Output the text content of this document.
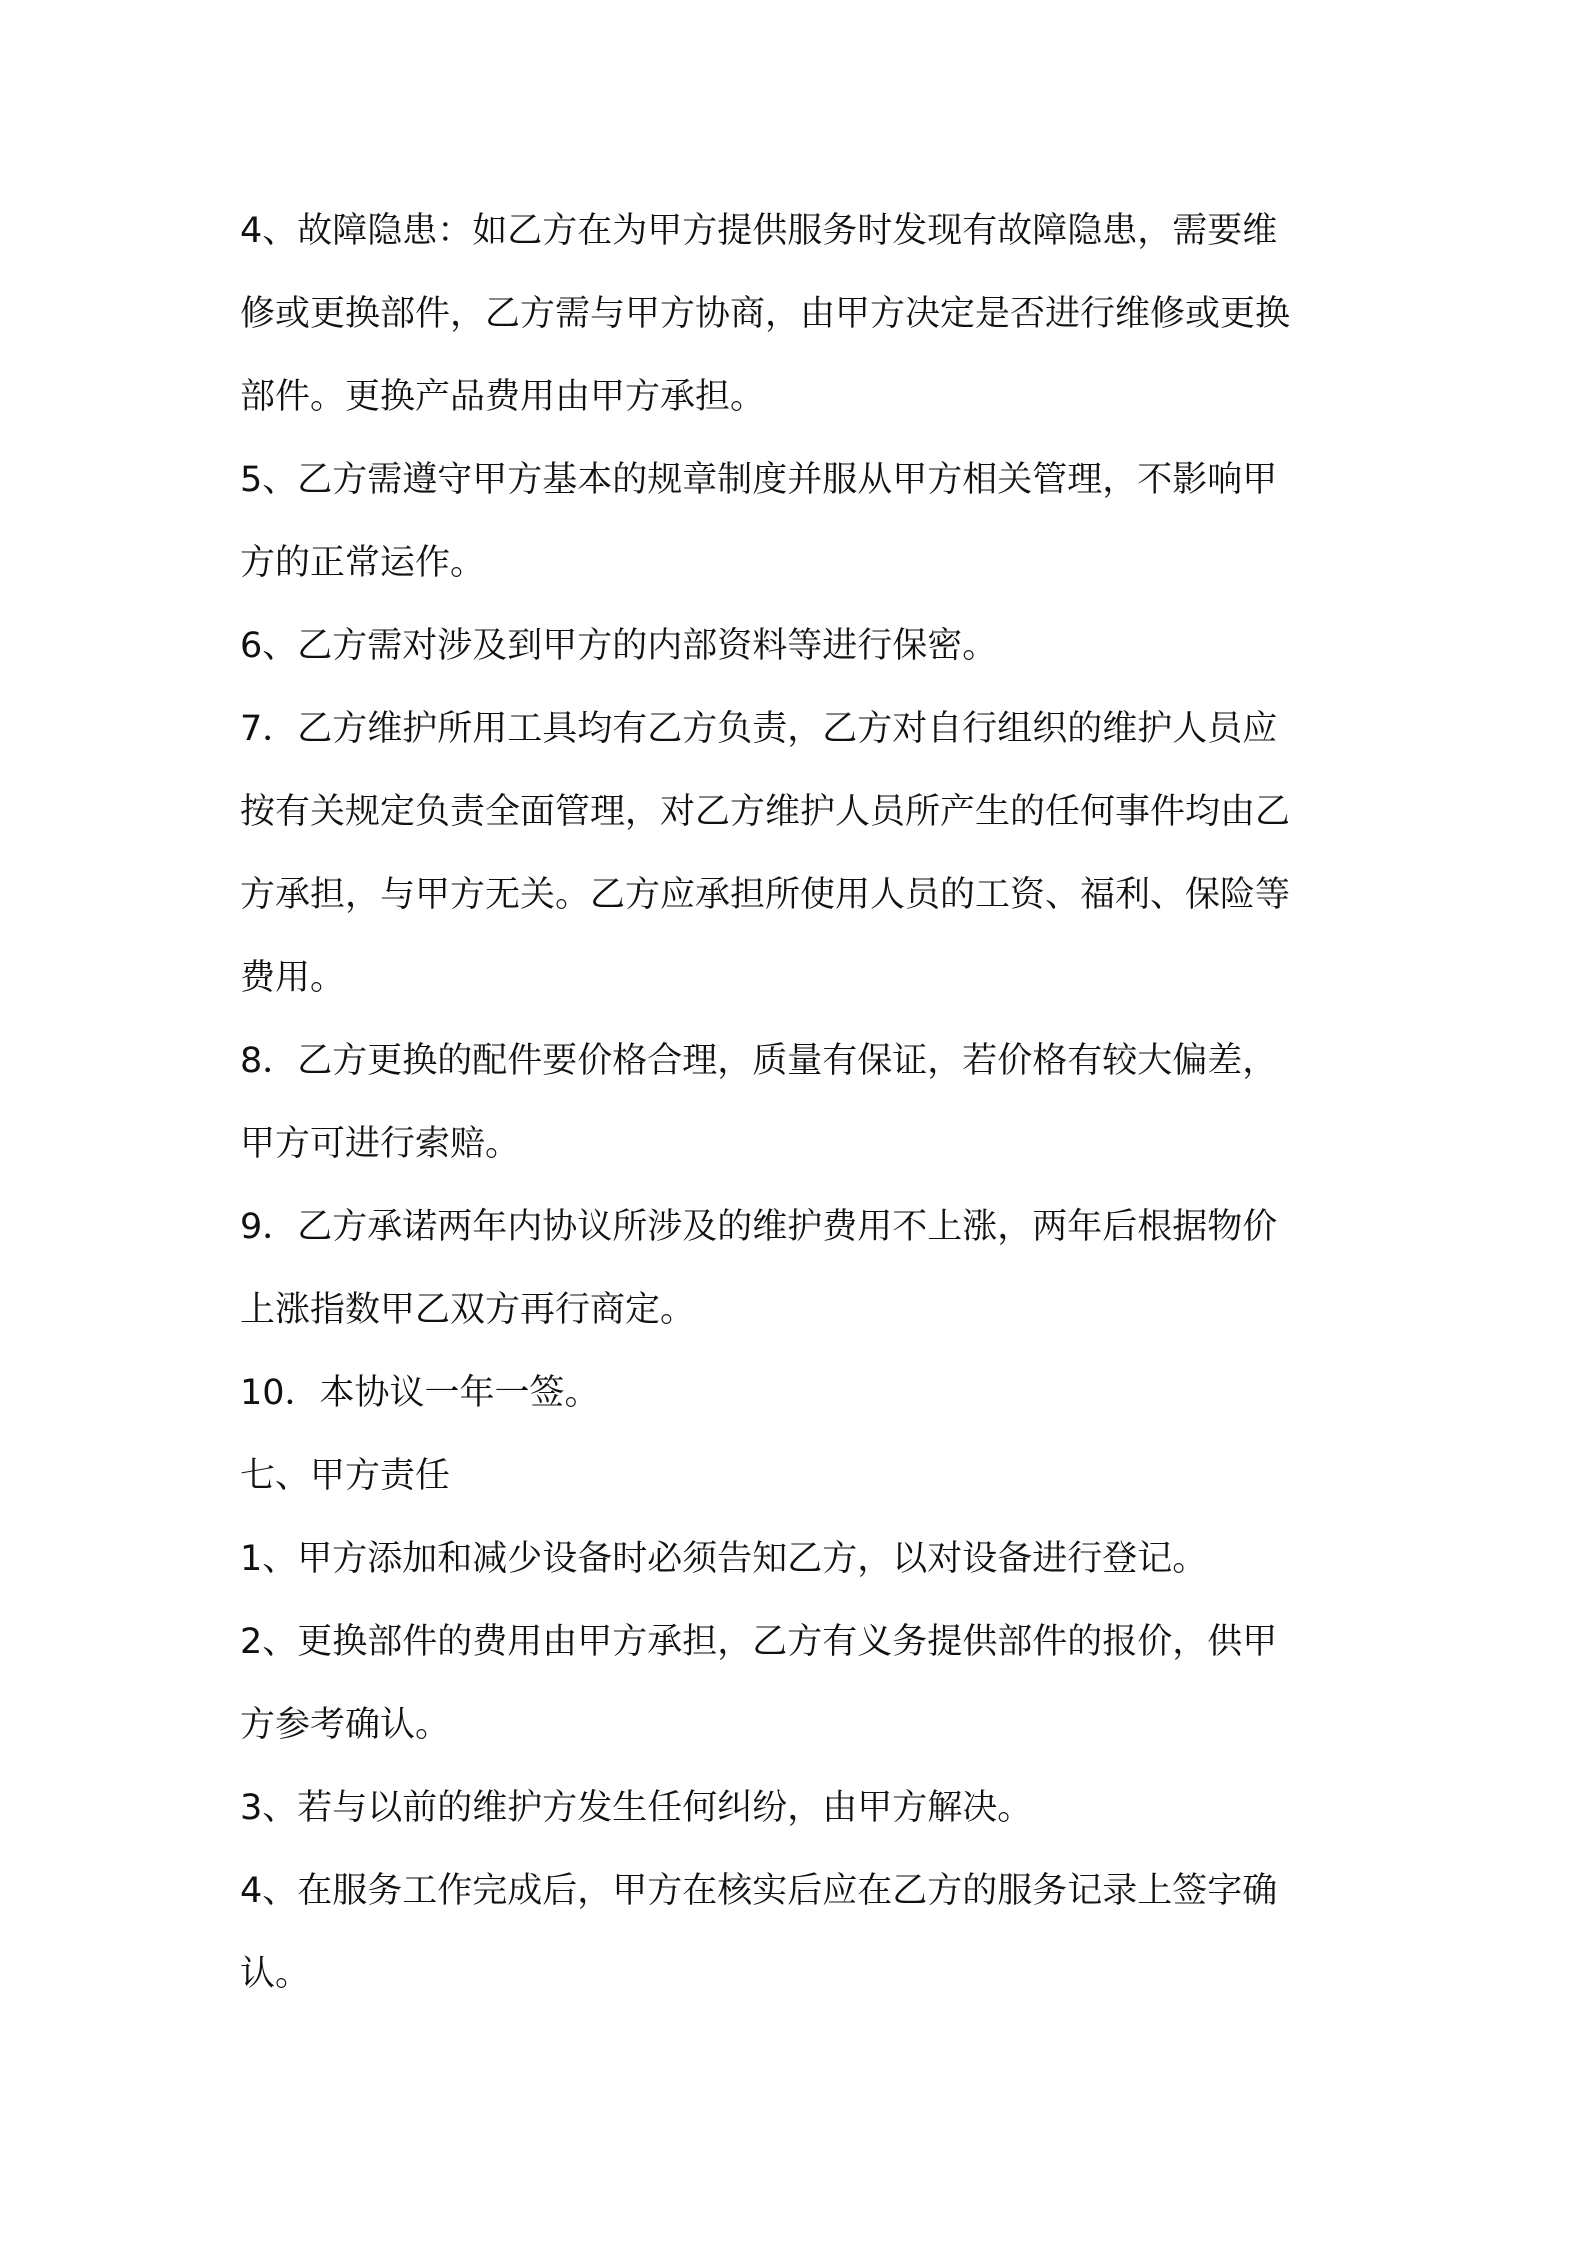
4、故障隐患：如乙方在为甲方提供服务时发现有故障隐患，需要维
修或更换部件，乙方需与甲方协商，由甲方决定是否进行维修或更换
部件。更换产品费用由甲方承担。
5、乙方需遵守甲方基本的规章制度并服从甲方相关管理，不影响甲
方的正常运作。
6、乙方需对涉及到甲方的内部资料等进行保密。
7．乙方维护所用工具均有乙方负责，乙方对自行组织的维护人员应
按有关规定负责全面管理，对乙方维护人员所产生的任何事件均由乙
方承担，与甲方无关。乙方应承担所使用人员的工资、福利、保险等
费用。
8．乙方更换的配件要价格合理，质量有保证，若价格有较大偏差，
甲方可进行索赔。
9．乙方承诺两年内协议所涉及的维护费用不上涨，两年后根据物价
上涨指数甲乙双方再行商定。
10．本协议一年一签。
七、甲方责任
1、甲方添加和减少设备时必须告知乙方，以对设备进行登记。
2、更换部件的费用由甲方承担，乙方有义务提供部件的报价，供甲
方参考确认。
3、若与以前的维护方发生任何纠纷，由甲方解决。
4、在服务工作完成后，甲方在核实后应在乙方的服务记录上签字确
认。
